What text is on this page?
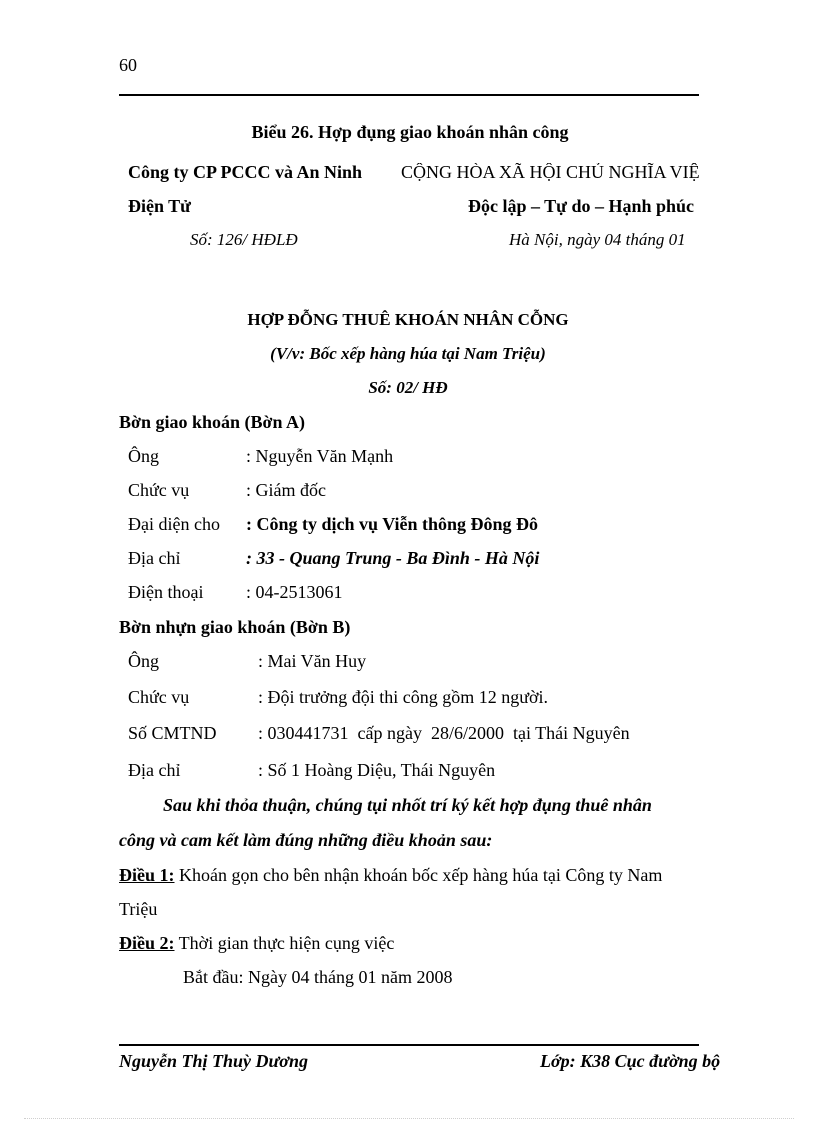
60
Biểu 26. Hợp đụng giao khoán nhân công
Công ty CP PCCC và An Ninh CỘNG HÒA XÃ HỘI CHỦ NGHĨA VIỆ
Điện Tử	Độc lập – Tự do – Hạnh phúc
Số: 126/ HĐLĐ	Hà Nội, ngày 04 tháng 01
HỢP ĐỖNG THUÊ KHOÁN NHÂN CỖNG
(V/v: Bốc xếp hàng húa tại Nam Triệu)
Số: 02/ HĐ
Bờn giao khoán (Bờn A)
Ông	: Nguyễn Văn Mạnh
Chức vụ	: Giám đốc
Đại diện cho : Công ty dịch vụ Viễn thông Đông Đô
Địa chỉ	: 33 - Quang Trung - Ba Đình - Hà Nội
Điện thoại : 04-2513061
Bờn nhựn giao khoán (Bờn B)
Ông	: Mai Văn Huy
Chức vụ	: Đội trưởng đội thi công gồm 12 người.
Số CMTND : 030441731  cấp ngày  28/6/2000  tại Thái Nguyên
Địa chỉ	: Số 1 Hoàng Diệu, Thái Nguyên
Sau khi thỏa thuận, chúng tụi nhốt trí ký kết hợp đụng thuê nhân
công và cam kết làm đúng những điều khoản sau:
Điều 1: Khoán gọn cho bên nhận khoán bốc xếp hàng húa tại Công ty Nam
Triệu
Điều 2: Thời gian thực hiện cụng việc
Bắt đầu: Ngày 04 tháng 01 năm 2008
Nguyễn Thị Thuỳ Dương	Lớp: K38 Cục đường bộ
